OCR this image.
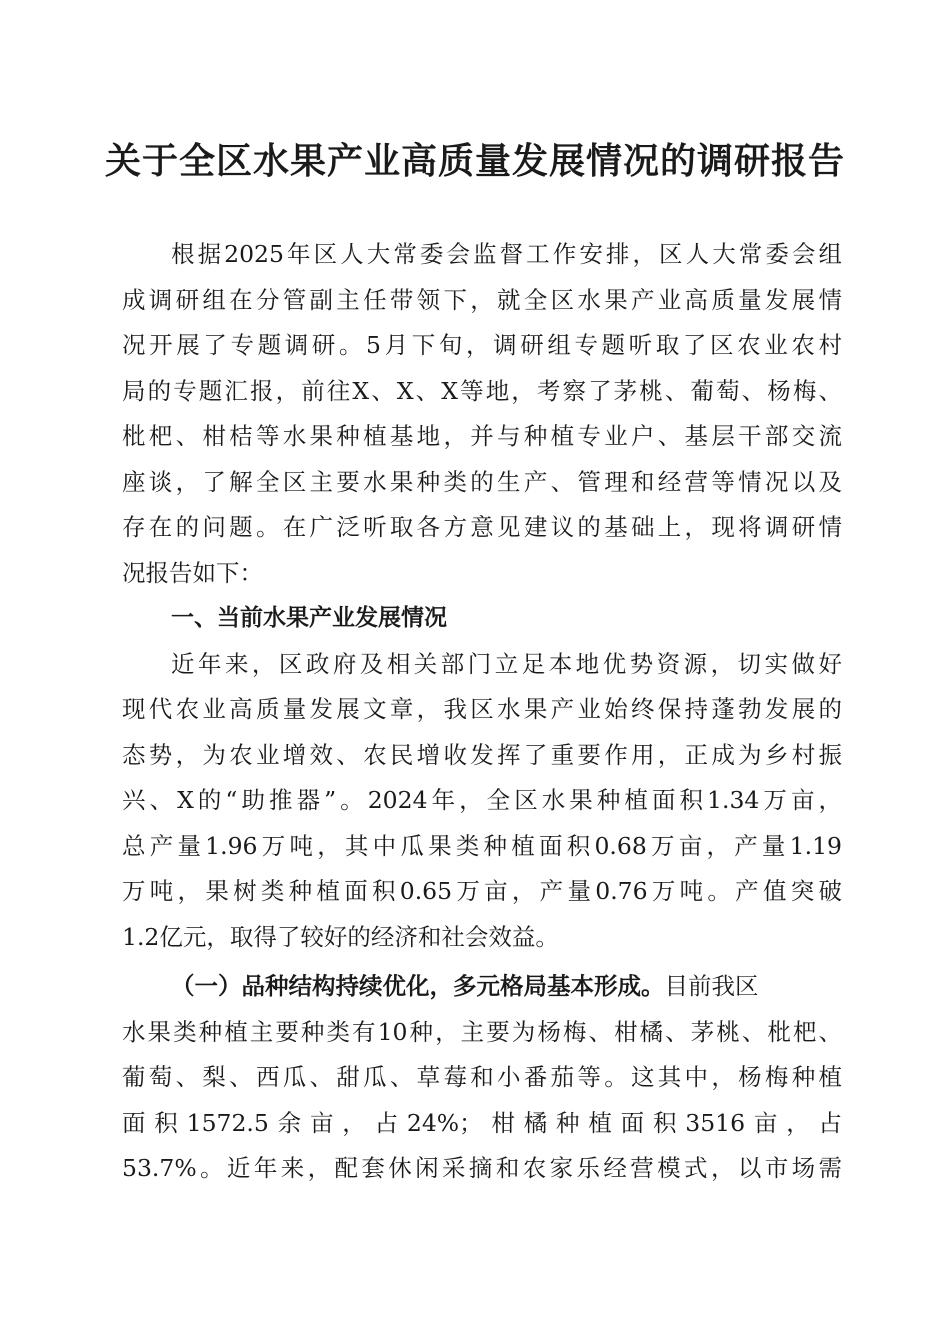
关于全区水果产业高质量发展情况的调研报告
根据2025年区人大常委会监督工作安排，区人大常委会组
成调研组在分管副主任带领下，就全区水果产业高质量发展情
况开展了专题调研。5月下旬，调研组专题听取了区农业农村
局的专题汇报，前往X、X、X等地，考察了茅桃、葡萄、杨梅、
枇杷、柑桔等水果种植基地，并与种植专业户、基层干部交流
座谈，了解全区主要水果种类的生产、管理和经营等情况以及
存在的问题。在广泛听取各方意见建议的基础上，现将调研情
况报告如下：
一、当前水果产业发展情况
近年来，区政府及相关部门立足本地优势资源，切实做好
现代农业高质量发展文章，我区水果产业始终保持蓬勃发展的
态势，为农业增效、农民增收发挥了重要作用，正成为乡村振
兴、X的“助推器”。2024年，全区水果种植面积1.34万亩，
总产量1.96万吨，其中瓜果类种植面积0.68万亩，产量1.19
万吨，果树类种植面积0.65万亩，产量0.76万吨。产值突破
1.2亿元，取得了较好的经济和社会效益。
（一）品种结构持续优化，多元格局基本形成。目前我区
水果类种植主要种类有10种，主要为杨梅、柑橘、茅桃、枇杷、
葡萄、梨、西瓜、甜瓜、草莓和小番茄等。这其中，杨梅种植
面积1572.5余亩，占24%；柑橘种植面积3516亩，占
53.7%。近年来，配套休闲采摘和农家乐经营模式，以市场需
